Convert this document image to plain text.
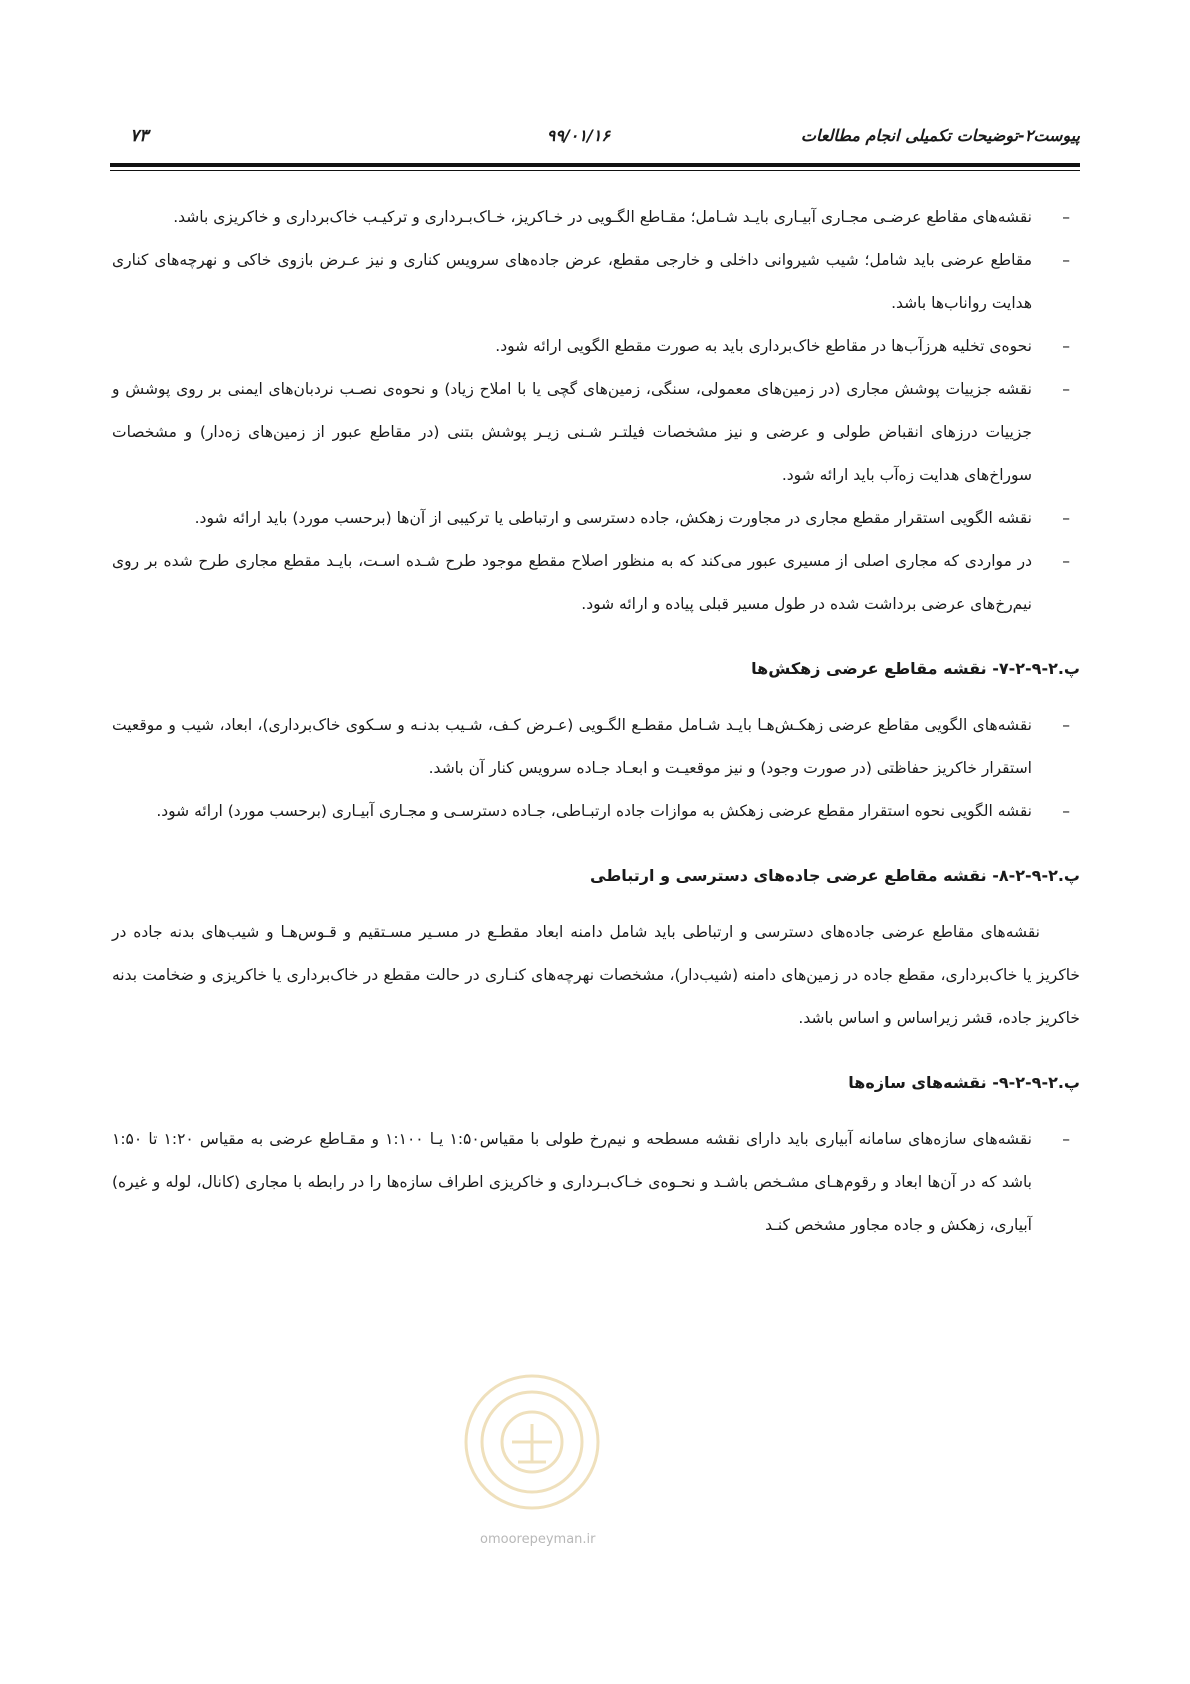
پیوست۲-توضیحات تکمیلی انجام مطالعات
۹۹/۰۱/۱۶
۷۳
–
نقشه‌های مقاطع عرضـی مجـاری آبیـاری بایـد شـامل؛ مقـاطع الگـویی در خـاکریز، خـاک‌بـرداری و ترکیـب خاک‌برداری و خاکریزی باشد.
–
مقاطع عرضی باید شامل؛ شیب شیروانی داخلی و خارجی مقطع، عرض جاده‌های سرویس کناری و نیز عـرض بازوی خاکی و نهرچه‌های کناری هدایت رواناب‌ها باشد.
–
نحوه‌ی تخلیه هرزآب‌ها در مقاطع خاک‌برداری باید به صورت مقطع الگویی ارائه شود.
–
نقشه جزییات پوشش مجاری (در زمین‌های معمولی، سنگی، زمین‌های گچی یا با املاح زیاد) و نحوه‌ی نصـب نردبان‌های ایمنی بر روی پوشش و جزییات درزهای انقباض طولی و عرضی و نیز مشخصات فیلتـر شـنی زیـر پوشش بتنی (در مقاطع عبور از زمین‌های زه‌دار) و مشخصات سوراخ‌های هدایت زه‌آب باید ارائه شود.
–
نقشه الگویی استقرار مقطع مجاری در مجاورت زهکش، جاده دسترسی و ارتباطی یا ترکیبی از آن‌ها (برحسب مورد) باید ارائه شود.
–
در مواردی که مجاری اصلی از مسیری عبور می‌کند که به منظور اصلاح مقطع موجود طرح شـده اسـت، بایـد مقطع مجاری طرح شده بر روی نیم‌رخ‌های عرضی برداشت شده در طول مسیر قبلی پیاده و ارائه شود.
پ.۲-۹-۲-۷- نقشه مقاطع عرضی زهکش‌ها
–
نقشه‌های الگویی مقاطع عرضی زهکـش‌هـا بایـد شـامل مقطـع الگـویی (عـرض کـف، شـیب بدنـه و سـکوی خاک‌برداری)، ابعاد، شیب و موقعیت استقرار خاکریز حفاظتی (در صورت وجود) و نیز موقعیـت و ابعـاد جـاده سرویس کنار آن باشد.
–
نقشه الگویی نحوه استقرار مقطع عرضی زهکش به موازات جاده ارتبـاطی، جـاده دسترسـی و مجـاری آبیـاری (برحسب مورد) ارائه شود.
پ.۲-۹-۲-۸- نقشه مقاطع عرضی جاده‌های دسترسی و ارتباطی

نقشه‌های مقاطع عرضی جاده‌های دسترسی و ارتباطی باید شامل دامنه ابعاد مقطـع در مسـیر مسـتقیم و قـوس‌هـا و شیب‌های بدنه جاده در خاکریز یا خاک‌برداری، مقطع جاده در زمین‌های دامنه (شیب‌دار)، مشخصات نهرچه‌های کنـاری در حالت مقطع در خاک‌برداری یا خاکریزی و ضخامت بدنه خاکریز جاده، قشر زیراساس و اساس باشد.

پ.۲-۹-۲-۹- نقشه‌های سازه‌ها
–
نقشه‌های سازه‌های سامانه آبیاری باید دارای نقشه مسطحه و نیم‌رخ طولی با مقیاس۱:۵۰ یـا ۱:۱۰۰ و مقـاطع عرضی به مقیاس ۱:۲۰ تا ۱:۵۰ باشد که در آن‌ها ابعاد و رقوم‌هـای مشـخص باشـد و نحـوه‌ی خـاک‌بـرداری و خاکریزی اطراف سازه‌ها را در رابطه با مجاری (کانال، لوله و غیره) آبیاری، زهکش و جاده مجاور مشخص کنـد
omoorepeyman.ir
